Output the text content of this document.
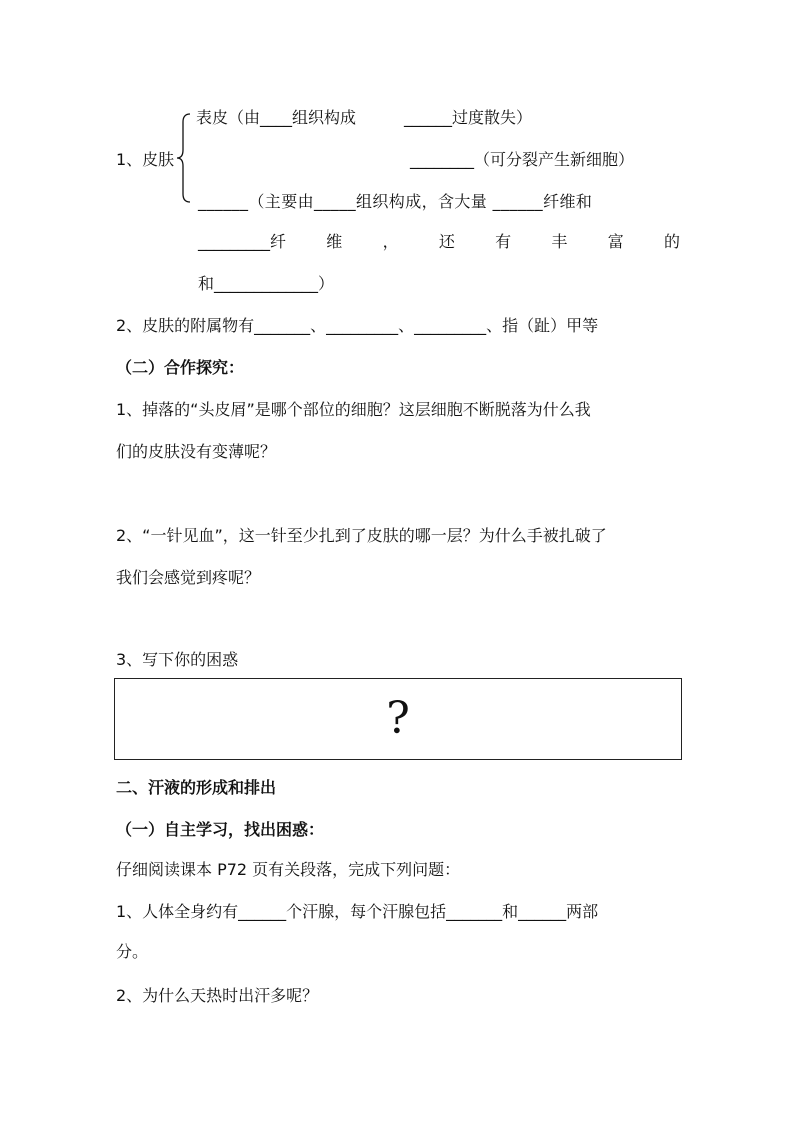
表皮（由____组织构成　　　______过度散失）
1、皮肤	________（可分裂产生新细胞）
______（主要由_____组织构成，含大量 ______纤维和
_________纤	维	，	还	有	丰	富	的
和_____________）
2、皮肤的附属物有_______、_________、_________、指（趾）甲等
（二）合作探究：
1、掉落的“头皮屑”是哪个部位的细胞？这层细胞不断脱落为什么我
们的皮肤没有变薄呢？
2、“一针见血”，这一针至少扎到了皮肤的哪一层？为什么手被扎破了
我们会感觉到疼呢？
3、写下你的困惑
?
二、汗液的形成和排出
（一）自主学习，找出困惑：
仔细阅读课本 P72 页有关段落，完成下列问题：
1、人体全身约有______个汗腺，每个汗腺包括_______和______两部
分。
2、为什么天热时出汗多呢？
